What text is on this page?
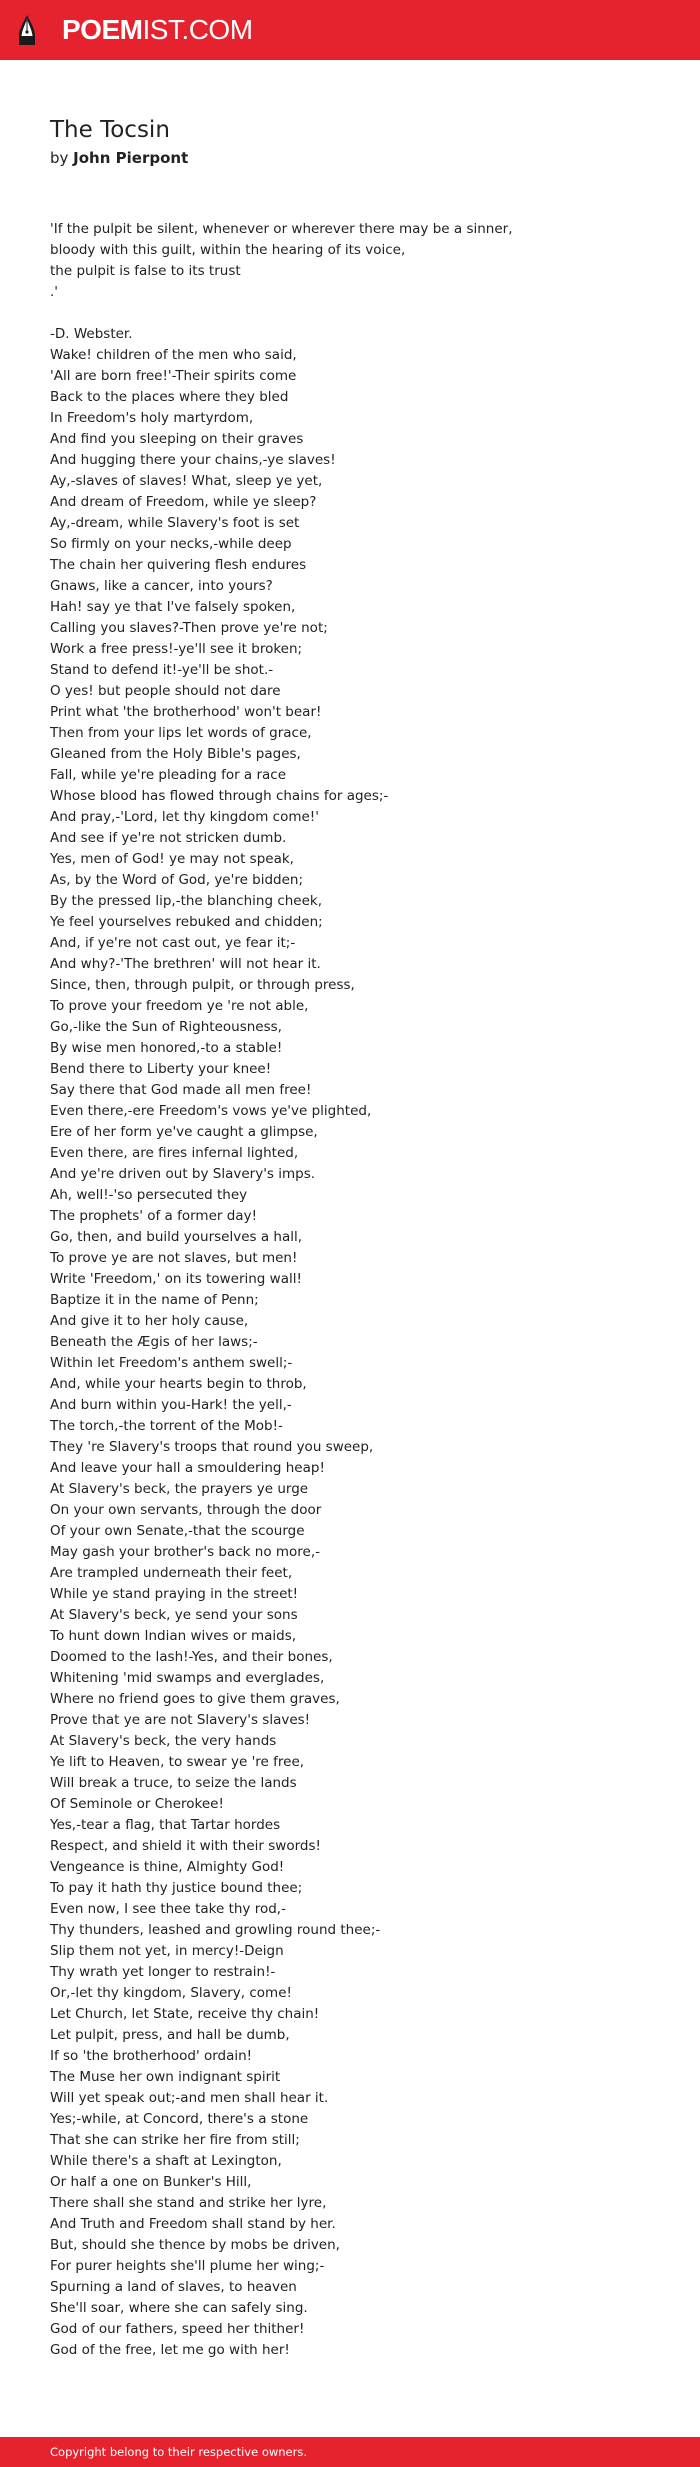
POEMIST.COM
The Tocsin
by John Pierpont
'If the pulpit be silent, whenever or wherever there may be a sinner,
bloody with this guilt, within the hearing of its voice,
the pulpit is false to its trust
.'
-D. Webster.
Wake! children of the men who said,
'All are born free!'-Their spirits come
Back to the places where they bled
In Freedom's holy martyrdom,
And find you sleeping on their graves
And hugging there your chains,-ye slaves!
Ay,-slaves of slaves! What, sleep ye yet,
And dream of Freedom, while ye sleep?
Ay,-dream, while Slavery's foot is set
So firmly on your necks,-while deep
The chain her quivering flesh endures
Gnaws, like a cancer, into yours?
Hah! say ye that I've falsely spoken,
Calling you slaves?-Then prove ye're not;
Work a free press!-ye'll see it broken;
Stand to defend it!-ye'll be shot.-
O yes! but people should not dare
Print what 'the brotherhood' won't bear!
Then from your lips let words of grace,
Gleaned from the Holy Bible's pages,
Fall, while ye're pleading for a race
Whose blood has flowed through chains for ages;-
And pray,-'Lord, let thy kingdom come!'
And see if ye're not stricken dumb.
Yes, men of God! ye may not speak,
As, by the Word of God, ye're bidden;
By the pressed lip,-the blanching cheek,
Ye feel yourselves rebuked and chidden;
And, if ye're not cast out, ye fear it;-
And why?-'The brethren' will not hear it.
Since, then, through pulpit, or through press,
To prove your freedom ye 're not able,
Go,-like the Sun of Righteousness,
By wise men honored,-to a stable!
Bend there to Liberty your knee!
Say there that God made all men free!
Even there,-ere Freedom's vows ye've plighted,
Ere of her form ye've caught a glimpse,
Even there, are fires infernal lighted,
And ye're driven out by Slavery's imps.
Ah, well!-'so persecuted they
The prophets' of a former day!
Go, then, and build yourselves a hall,
To prove ye are not slaves, but men!
Write 'Freedom,' on its towering wall!
Baptize it in the name of Penn;
And give it to her holy cause,
Beneath the Ægis of her laws;-
Within let Freedom's anthem swell;-
And, while your hearts begin to throb,
And burn within you-Hark! the yell,-
The torch,-the torrent of the Mob!-
They 're Slavery's troops that round you sweep,
And leave your hall a smouldering heap!
At Slavery's beck, the prayers ye urge
On your own servants, through the door
Of your own Senate,-that the scourge
May gash your brother's back no more,-
Are trampled underneath their feet,
While ye stand praying in the street!
At Slavery's beck, ye send your sons
To hunt down Indian wives or maids,
Doomed to the lash!-Yes, and their bones,
Whitening 'mid swamps and everglades,
Where no friend goes to give them graves,
Prove that ye are not Slavery's slaves!
At Slavery's beck, the very hands
Ye lift to Heaven, to swear ye 're free,
Will break a truce, to seize the lands
Of Seminole or Cherokee!
Yes,-tear a flag, that Tartar hordes
Respect, and shield it with their swords!
Vengeance is thine, Almighty God!
To pay it hath thy justice bound thee;
Even now, I see thee take thy rod,-
Thy thunders, leashed and growling round thee;-
Slip them not yet, in mercy!-Deign
Thy wrath yet longer to restrain!-
Or,-let thy kingdom, Slavery, come!
Let Church, let State, receive thy chain!
Let pulpit, press, and hall be dumb,
If so 'the brotherhood' ordain!
The Muse her own indignant spirit
Will yet speak out;-and men shall hear it.
Yes;-while, at Concord, there's a stone
That she can strike her fire from still;
While there's a shaft at Lexington,
Or half a one on Bunker's Hill,
There shall she stand and strike her lyre,
And Truth and Freedom shall stand by her.
But, should she thence by mobs be driven,
For purer heights she'll plume her wing;-
Spurning a land of slaves, to heaven
She'll soar, where she can safely sing.
God of our fathers, speed her thither!
God of the free, let me go with her!
Copyright belong to their respective owners.
